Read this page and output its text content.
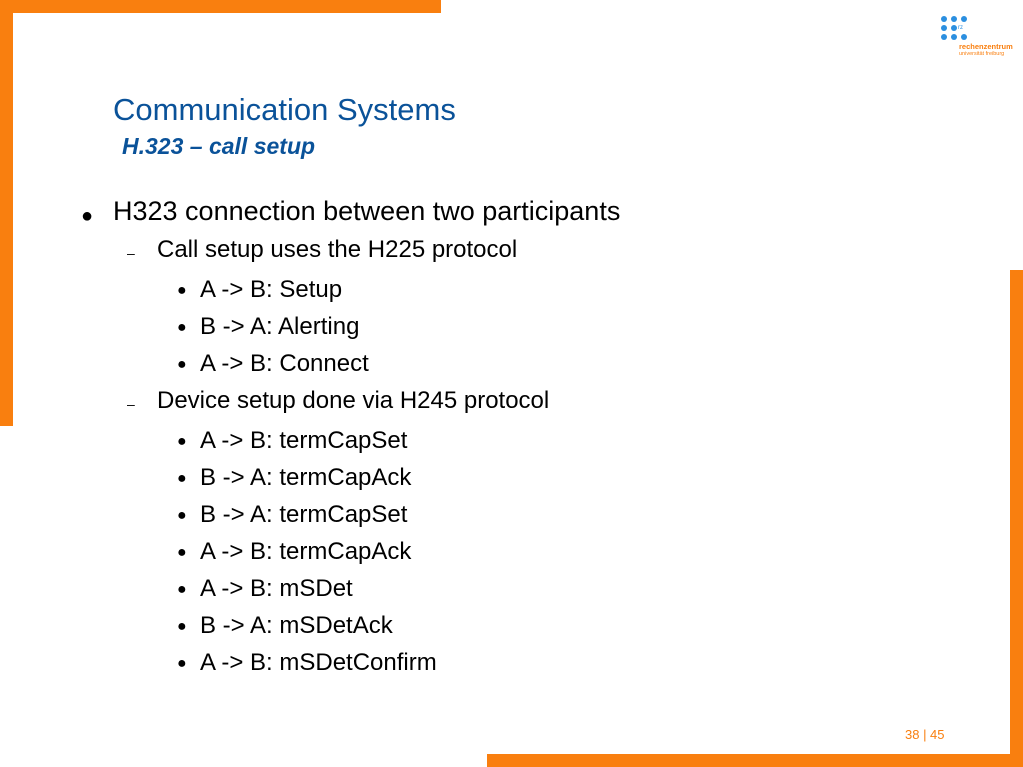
rz
rechenzentrum
universität freiburg
Communication Systems
H.323 – call setup
● H323 connection between two participants
– Call setup uses the H225 protocol
● A -> B: Setup
● B -> A: Alerting
● A -> B: Connect
– Device setup done via H245 protocol
● A -> B: termCapSet
● B -> A: termCapAck
● B -> A: termCapSet
● A -> B: termCapAck
● A -> B: mSDet
● B -> A: mSDetAck
● A -> B: mSDetConfirm
38 | 45
